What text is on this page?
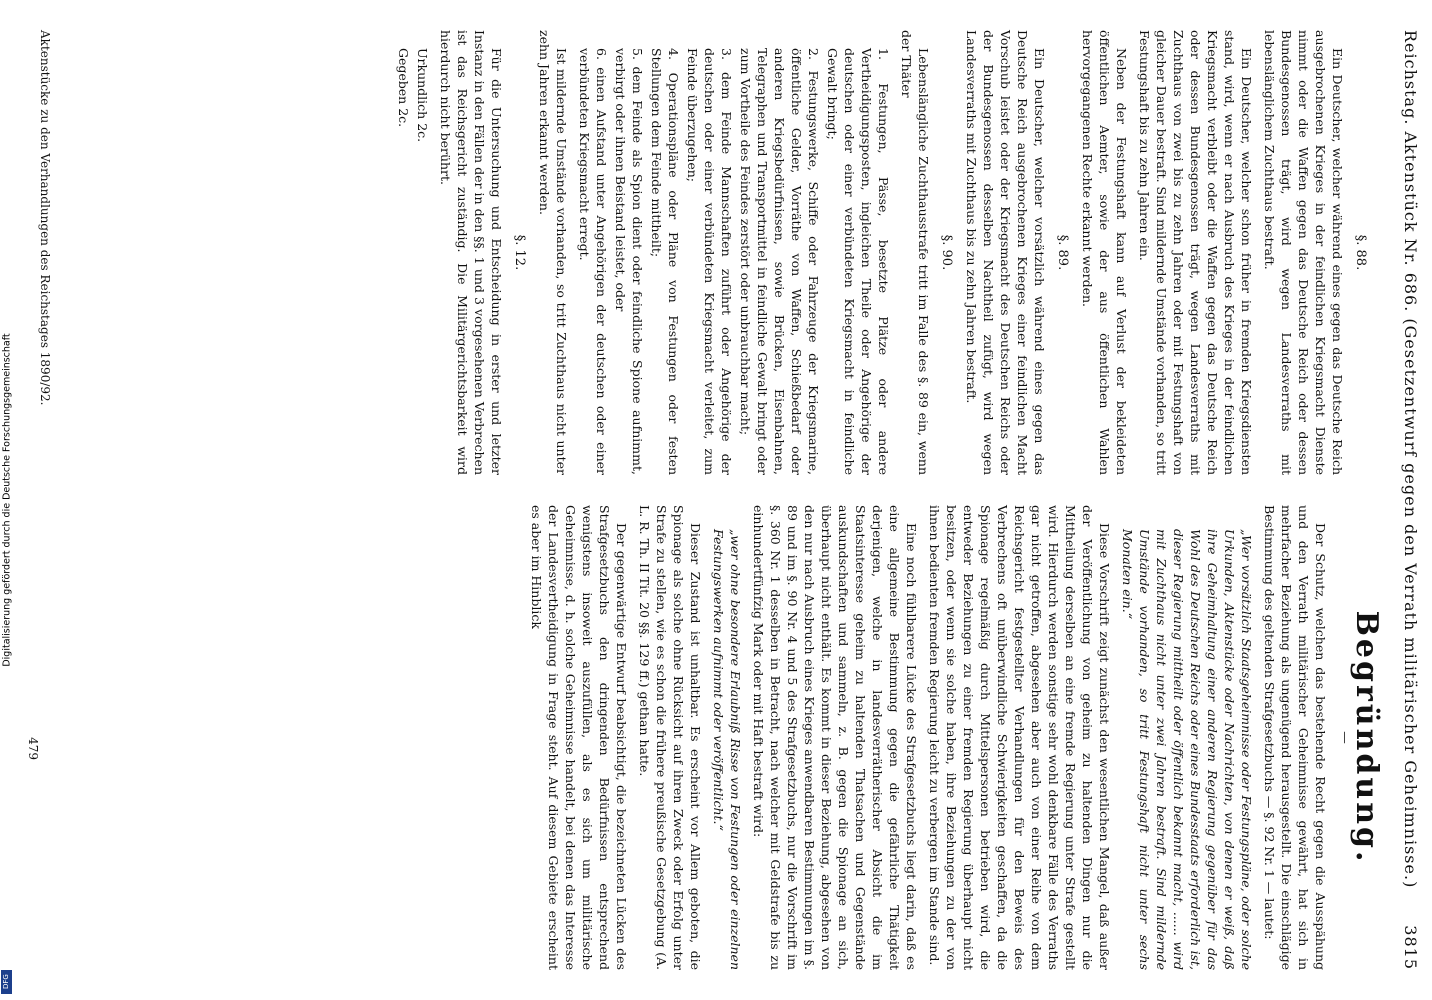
Digitalisierung gefördert durch die Deutsche Forschungsgemeinschaft
DFG
Reichstag. Aktenstück Nr. 686. (Gesetzentwurf gegen den Verrath militärischer Geheimnisse.)
3815
§. 88.

Ein Deutscher, welcher während eines gegen das Deutsche Reich ausgebrochenen Krieges in der feindlichen Kriegsmacht Dienste nimmt oder die Waffen gegen das Deutsche Reich oder dessen Bundesgenossen trägt, wird wegen Landesverraths mit lebenslänglichem Zuchthaus bestraft.

Ein Deutscher, welcher schon früher in fremden Kriegsdiensten stand, wird, wenn er nach Ausbruch des Krieges in der feindlichen Kriegsmacht verbleibt oder die Waffen gegen das Deutsche Reich oder dessen Bundesgenossen trägt, wegen Landesverraths mit Zuchthaus von zwei bis zu zehn Jahren oder mit Festungshaft von gleicher Dauer bestraft. Sind mildernde Umstände vorhanden, so tritt Festungshaft bis zu zehn Jahren ein.

Neben der Festungshaft kann auf Verlust der bekleideten öffentlichen Aemter, sowie der aus öffentlichen Wahlen hervorgegangenen Rechte erkannt werden.

§. 89.

Ein Deutscher, welcher vorsätzlich während eines gegen das Deutsche Reich ausgebrochenen Krieges einer feindlichen Macht Vorschub leistet oder der Kriegsmacht des Deutschen Reichs oder der Bundesgenossen desselben Nachtheil zufügt, wird wegen Landesverraths mit Zuchthaus bis zu zehn Jahren bestraft.

§. 90.

Lebenslängliche Zuchthausstrafe tritt im Falle des §. 89 ein, wenn der Thäter

1. Festungen, Pässe, besetzte Plätze oder andere Vertheidigungsposten, ingleichen Theile oder Angehörige der deutschen oder einer verbündeten Kriegsmacht in feindliche Gewalt bringt;
2. Festungswerke, Schiffe oder Fahrzeuge der Kriegsmarine, öffentliche Gelder, Vorräthe von Waffen, Schießbedarf oder anderen Kriegsbedürfnissen, sowie Brücken, Eisenbahnen, Telegraphen und Transportmittel in feindliche Gewalt bringt oder zum Vortheile des Feindes zerstört oder unbrauchbar macht;
3. dem Feinde Mannschaften zuführt oder Angehörige der deutschen oder einer verbündeten Kriegsmacht verleitet, zum Feinde überzugehen;
4. Operationspläne oder Pläne von Festungen oder festen Stellungen dem Feinde mittheilt;
5. dem Feinde als Spion dient oder feindliche Spione aufnimmt, verbirgt oder ihnen Beistand leistet, oder
6. einen Aufstand unter Angehörigen der deutschen oder einer verbündeten Kriegsmacht erregt.

Ist mildernde Umstände vorhanden, so tritt Zuchthaus nicht unter zehn Jahren erkannt werden.

§. 12.

Für die Untersuchung und Entscheidung in erster und letzter Instanz in den Fällen der in den §§. 1 und 3 vorgesehenen Verbrechen ist das Reichsgericht zuständig. Die Militärgerichtsbarkeit wird hierdurch nicht berührt.

Urkundlich 2c.
Gegeben 2c.
Begründung.
—

Der Schutz, welchen das bestehende Recht gegen die Ausspähung und den Verrath militärischer Geheimnisse gewährt, hat sich in mehrfacher Beziehung als ungenügend herausgestellt. Die einschlägige Bestimmung des geltenden Strafgesetzbuchs — §. 92 Nr. 1 — lautet:

„Wer vorsätzlich Staatsgeheimnisse oder Festungspläne, oder solche Urkunden, Aktenstücke oder Nachrichten, von denen er weiß, daß ihre Geheimhaltung einer anderen Regierung gegenüber für das Wohl des Deutschen Reichs oder eines Bundesstaats erforderlich ist, dieser Regierung mittheilt oder öffentlich bekannt macht, ...... wird mit Zuchthaus nicht unter zwei Jahren bestraft. Sind mildernde Umstände vorhanden, so tritt Festungshaft nicht unter sechs Monaten ein.“

Diese Vorschrift zeigt zunächst den wesentlichen Mangel, daß außer der Veröffentlichung von geheim zu haltenden Dingen nur die Mittheilung derselben an eine fremde Regierung unter Strafe gestellt wird. Hierdurch werden sonstige sehr wohl denkbare Fälle des Verraths gar nicht getroffen, abgesehen aber auch von einer Reihe von dem Reichsgericht festgestellter Verhandlungen für den Beweis des Verbrechens oft unüberwindliche Schwierigkeiten geschaffen, da die Spionage regelmäßig durch Mittelspersonen betrieben wird, die entweder Beziehungen zu einer fremden Regierung überhaupt nicht besitzen, oder wenn sie solche haben, ihre Beziehungen zu der von ihnen bedienten fremden Regierung leicht zu verbergen im Stande sind.

Eine noch fühlbarere Lücke des Strafgesetzbuchs liegt darin, daß es eine allgemeine Bestimmung gegen die gefährliche Thätigkeit derjenigen, welche in landesverrätherischer Absicht die im Staatsinteresse geheim zu haltenden Thatsachen und Gegenstände auskundschaften und sammeln, z. B. gegen die Spionage an sich, überhaupt nicht enthält. Es kommt in dieser Beziehung, abgesehen von den nur nach Ausbruch eines Krieges anwendbaren Bestimmungen im §. 89 und im §. 90 Nr. 4 und 5 des Strafgesetzbuchs, nur die Vorschrift im §. 360 Nr. 1 desselben in Betracht, nach welcher mit Geldstrafe bis zu einhundertfünfzig Mark oder mit Haft bestraft wird:

„wer ohne besondere Erlaubniß Risse von Festungen oder einzelnen Festungswerken aufnimmt oder veröffentlicht.“

Dieser Zustand ist unhaltbar. Es erscheint vor Allem geboten, die Spionage als solche ohne Rücksicht auf ihren Zweck oder Erfolg unter Strafe zu stellen, wie es schon die frühere preußische Gesetzgebung (A. L. R. Th. II Tit. 20 §§. 129 ff.) gethan hatte.

Der gegenwärtige Entwurf beabsichtigt, die bezeichneten Lücken des Strafgesetzbuchs den dringenden Bedürfnissen entsprechend wenigstens insoweit auszufüllen, als es sich um militärische Geheimnisse, d. h. solche Geheimnisse handelt, bei denen das Interesse der Landesvertheidigung in Frage steht. Auf diesem Gebiete erscheint es aber im Hinblick

Aktenstücke zu den Verhandlungen des Reichstages 1890/92.
479
